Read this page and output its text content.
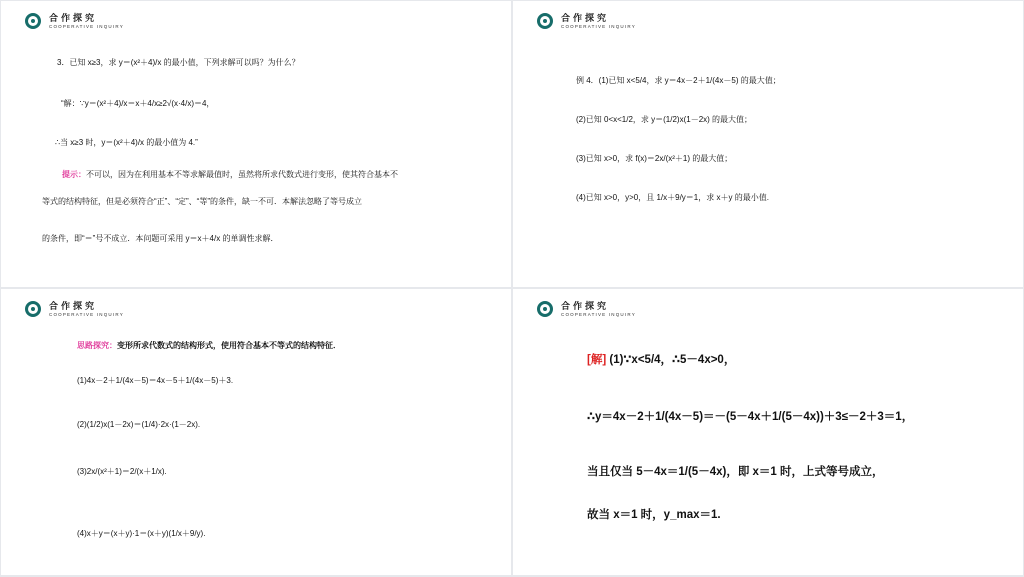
合作探究
COOPERATIVE INQUIRY
3．已知 x≥3，求 y＝(x²＋4)/x 的最小值，下列求解可以吗？为什么？
“解：∵y＝(x²＋4)/x＝x＋4/x≥2√(x·4/x)＝4，
∴当 x≥3 时，y＝(x²＋4)/x 的最小值为 4.”
提示：不可以，因为在利用基本不等求解最值时，虽然将所求代数式进行变形，使其符合基本不
等式的结构特征，但是必须符合“正”、“定”、“等”的条件，缺一不可．本解法忽略了等号成立
的条件，即“＝”号不成立．本问题可采用 y＝x＋4/x 的单调性求解．
合作探究
COOPERATIVE INQUIRY
例 4．(1)已知 x<5/4，求 y＝4x－2＋1/(4x－5) 的最大值；
(2)已知 0<x<1/2，求 y＝(1/2)x(1－2x) 的最大值；
(3)已知 x>0，求 f(x)＝2x/(x²＋1) 的最大值；
(4)已知 x>0，y>0，且 1/x＋9/y＝1，求 x＋y 的最小值.
合作探究
COOPERATIVE INQUIRY
思路探究：变形所求代数式的结构形式，使用符合基本不等式的结构特征．
(1)4x－2＋1/(4x－5)＝4x－5＋1/(4x－5)＋3.
(2)(1/2)x(1－2x)＝(1/4)·2x·(1－2x).
(3)2x/(x²＋1)＝2/(x＋1/x).
(4)x＋y＝(x＋y)·1＝(x＋y)(1/x＋9/y).
合作探究
COOPERATIVE INQUIRY
[解] (1)∵x<5/4，∴5－4x>0，
∴y＝4x－2＋1/(4x－5)＝－(5－4x＋1/(5－4x))＋3≤－2＋3＝1，
当且仅当 5－4x＝1/(5－4x)，即 x＝1 时，上式等号成立，
故当 x＝1 时，y_max＝1.
